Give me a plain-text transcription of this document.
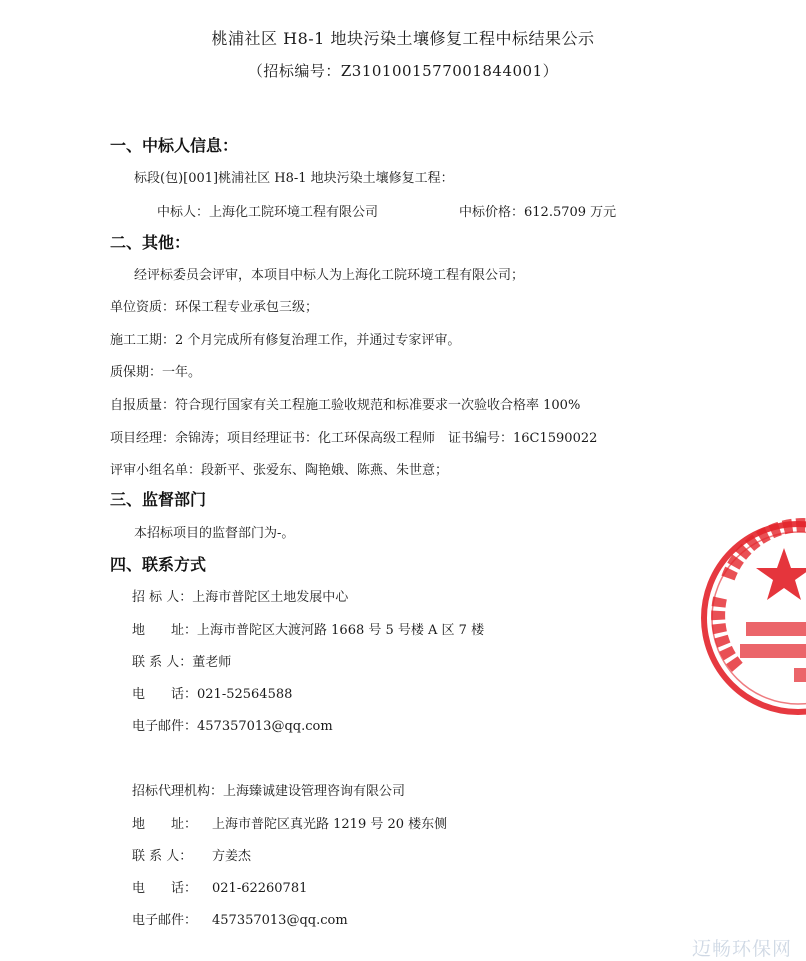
桃浦社区 H8-1 地块污染土壤修复工程中标结果公示
（招标编号：Z3101001577001844001）
一、中标人信息：
标段(包)[001]桃浦社区 H8-1 地块污染土壤修复工程：
中标人：上海化工院环境工程有限公司	中标价格：612.5709 万元
二、其他：
经评标委员会评审，本项目中标人为上海化工院环境工程有限公司；
单位资质：环保工程专业承包三级；
施工工期：2 个月完成所有修复治理工作，并通过专家评审。
质保期：一年。
自报质量：符合现行国家有关工程施工验收规范和标准要求一次验收合格率 100%
项目经理：余锦涛；项目经理证书：化工环保高级工程师　证书编号：16C1590022
评审小组名单：段新平、张爱东、陶艳娥、陈燕、朱世意；
三、监督部门
本招标项目的监督部门为-。
四、联系方式
招 标 人：上海市普陀区土地发展中心
地　　址：上海市普陀区大渡河路 1668 号 5 号楼 A 区 7 楼
联 系 人：董老师
电　　话：021-52564588
电子邮件：457357013@qq.com
招标代理机构：上海臻诚建设管理咨询有限公司
地　　址： 上海市普陀区真光路 1219 号 20 楼东侧
联 系 人： 方姜杰
电　　话： 021-62260781
电子邮件： 457357013@qq.com
迈畅环保网
